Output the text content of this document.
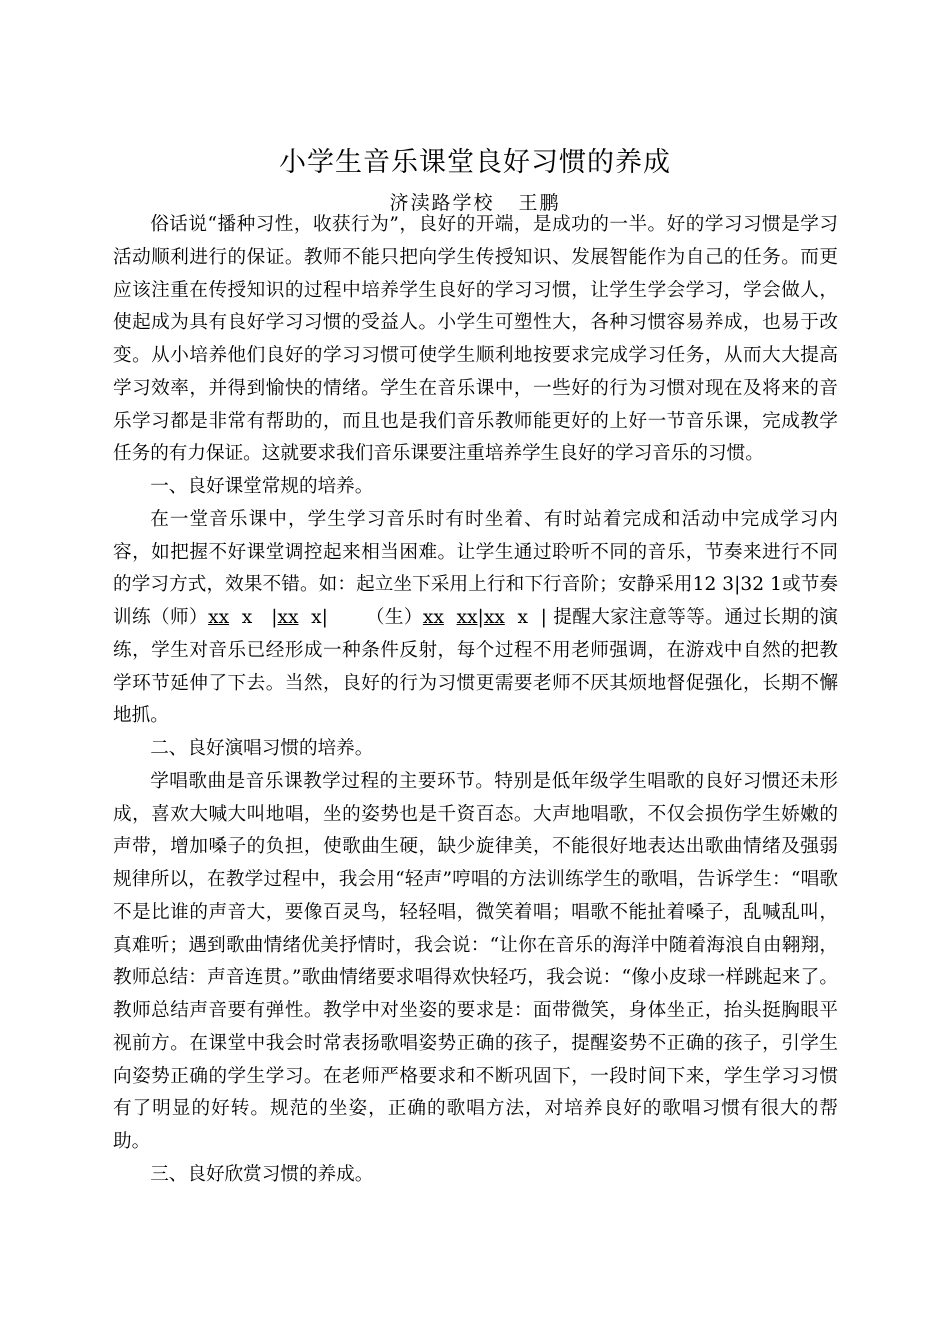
小学生音乐课堂良好习惯的养成
济渎路学校   王鹏

俗话说“播种习性，收获行为”，良好的开端，是成功的一半。好的学习习惯是学习活动顺利进行的保证。教师不能只把向学生传授知识、发展智能作为自己的任务。而更应该注重在传授知识的过程中培养学生良好的学习习惯，让学生学会学习，学会做人，使起成为具有良好学习习惯的受益人。小学生可塑性大，各种习惯容易养成，也易于改变。从小培养他们良好的学习习惯可使学生顺利地按要求完成学习任务，从而大大提高学习效率，并得到愉快的情绪。学生在音乐课中，一些好的行为习惯对现在及将来的音乐学习都是非常有帮助的，而且也是我们音乐教师能更好的上好一节音乐课，完成教学任务的有力保证。这就要求我们音乐课要注重培养学生良好的学习音乐的习惯。

一、良好课堂常规的培养。

在一堂音乐课中，学生学习音乐时有时坐着、有时站着完成和活动中完成学习内容，如把握不好课堂调控起来相当困难。让学生通过聆听不同的音乐，节奏来进行不同的学习方式，效果不错。如：起立坐下采用上行和下行音阶；安静采用12 3|32 1或节奏训练（师）xx  x   |xx  x|      （生）xx xx|xx  x  | 提醒大家注意等等。通过长期的演练，学生对音乐已经形成一种条件反射，每个过程不用老师强调，在游戏中自然的把教学环节延伸了下去。当然，良好的行为习惯更需要老师不厌其烦地督促强化，长期不懈地抓。

二、良好演唱习惯的培养。

学唱歌曲是音乐课教学过程的主要环节。特别是低年级学生唱歌的良好习惯还未形成，喜欢大喊大叫地唱，坐的姿势也是千资百态。大声地唱歌，不仅会损伤学生娇嫩的声带，增加嗓子的负担，使歌曲生硬，缺少旋律美，不能很好地表达出歌曲情绪及强弱规律所以，在教学过程中，我会用“轻声”哼唱的方法训练学生的歌唱，告诉学生：“唱歌不是比谁的声音大，要像百灵鸟，轻轻唱，微笑着唱；唱歌不能扯着嗓子，乱喊乱叫，真难听；遇到歌曲情绪优美抒情时，我会说：“让你在音乐的海洋中随着海浪自由翱翔，教师总结：声音连贯。”歌曲情绪要求唱得欢快轻巧，我会说：“像小皮球一样跳起来了。教师总结声音要有弹性。教学中对坐姿的要求是：面带微笑，身体坐正，抬头挺胸眼平视前方。在课堂中我会时常表扬歌唱姿势正确的孩子，提醒姿势不正确的孩子，引学生向姿势正确的学生学习。在老师严格要求和不断巩固下，一段时间下来，学生学习习惯有了明显的好转。规范的坐姿，正确的歌唱方法，对培养良好的歌唱习惯有很大的帮助。

三、良好欣赏习惯的养成。
